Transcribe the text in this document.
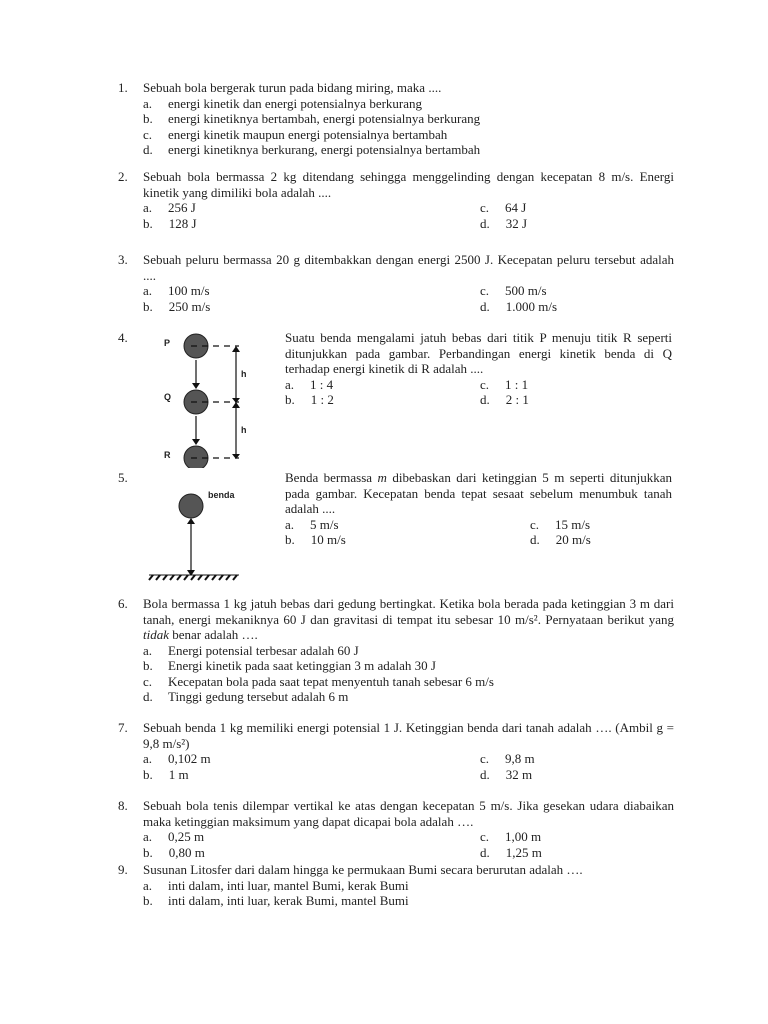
1. Sebuah bola bergerak turun pada bidang miring, maka ....
a. energi kinetik dan energi potensialnya berkurang
b. energi kinetiknya bertambah, energi potensialnya berkurang
c. energi kinetik maupun energi potensialnya bertambah
d. energi kinetiknya berkurang, energi potensialnya bertambah
2. Sebuah bola bermassa 2 kg ditendang sehingga menggelinding dengan kecepatan 8 m/s. Energi kinetik yang dimiliki bola adalah ....
a. 256 J	c. 64 J
b. 128 J	d. 32 J
3. Sebuah peluru bermassa 20 g ditembakkan dengan energi 2500 J. Kecepatan peluru tersebut adalah ....
a. 100 m/s	c. 500 m/s
b. 250 m/s	d. 1.000 m/s
4.	P
Q
R
h
h
Suatu benda mengalami jatuh bebas dari titik P menuju titik R seperti ditunjukkan pada gambar. Perbandingan energi kinetik benda di Q terhadap energi kinetik di R adalah ....
a. 1 : 4	c. 1 : 1
b. 1 : 2	d. 2 : 1
5.
benda
Benda bermassa m dibebaskan dari ketinggian 5 m seperti ditunjukkan pada gambar. Kecepatan benda tepat sesaat sebelum menumbuk tanah adalah ....
a. 5 m/s	c. 15 m/s
b. 10 m/s	d. 20 m/s
6. Bola bermassa 1 kg jatuh bebas dari gedung bertingkat. Ketika bola berada pada ketinggian 3 m dari tanah, energi mekaniknya 60 J dan gravitasi di tempat itu sebesar 10 m/s². Pernyataan berikut yang tidak benar adalah ….
a. Energi potensial terbesar adalah 60 J
b. Energi kinetik pada saat ketinggian 3 m adalah 30 J
c. Kecepatan bola pada saat tepat menyentuh tanah sebesar 6 m/s
d. Tinggi gedung tersebut adalah 6 m
7. Sebuah benda 1 kg memiliki energi potensial 1 J. Ketinggian benda dari tanah adalah …. (Ambil g = 9,8 m/s²)
a. 0,102 m	c. 9,8 m
b. 1 m	d. 32 m
8. Sebuah bola tenis dilempar vertikal ke atas dengan kecepatan 5 m/s. Jika gesekan udara diabaikan maka ketinggian maksimum yang dapat dicapai bola adalah ….
a. 0,25 m	c. 1,00 m
b. 0,80 m	d. 1,25 m
9. Susunan Litosfer dari dalam hingga ke permukaan Bumi secara berurutan adalah ….
a. inti dalam, inti luar, mantel Bumi, kerak Bumi
b. inti dalam, inti luar, kerak Bumi, mantel Bumi
